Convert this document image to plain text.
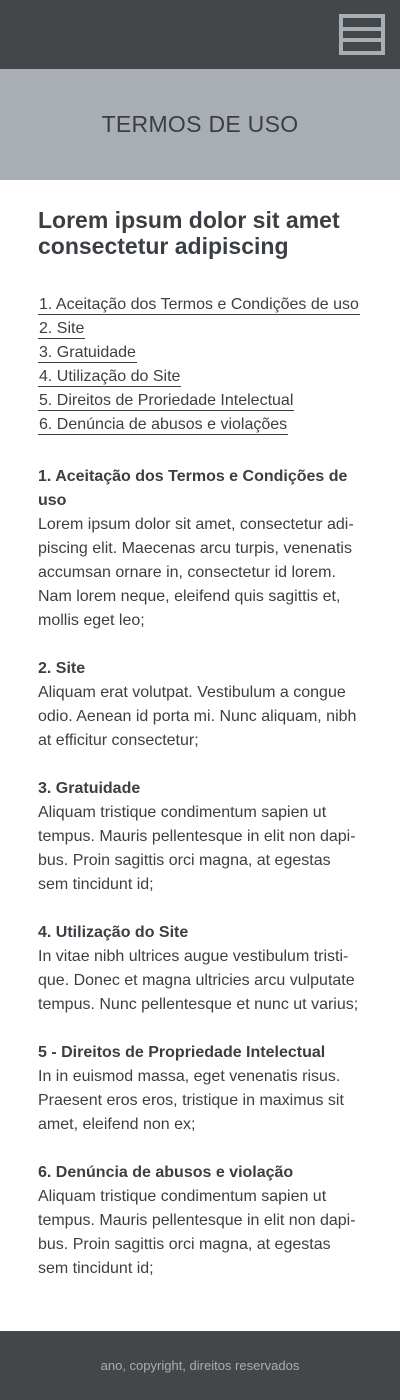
TERMOS DE USO
Lorem ipsum dolor sit amet consectetur adipiscing
1. Aceitação dos Termos e Condições de uso
2. Site
3. Gratuidade
4. Utilização do Site
5. Direitos de Proriedade Intelectual
6. Denúncia de abusos e violações
1. Aceitação dos Termos e Condições de uso

Lorem ipsum dolor sit amet, consectetur adi-
piscing elit. Maecenas arcu turpis, venenatis
accumsan ornare in, consectetur id lorem.
Nam lorem neque, eleifend quis sagittis et,
mollis eget leo;

2. Site

Aliquam erat volutpat. Vestibulum a congue
odio. Aenean id porta mi. Nunc aliquam, nibh
at efficitur consectetur;

3. Gratuidade

Aliquam tristique condimentum sapien ut
tempus. Mauris pellentesque in elit non dapi-
bus. Proin sagittis orci magna, at egestas
sem tincidunt id;

4. Utilização do Site

In vitae nibh ultrices augue vestibulum tristi-
que. Donec et magna ultricies arcu vulputate
tempus. Nunc pellentesque et nunc ut varius;

5 - Direitos de Propriedade Intelectual

In in euismod massa, eget venenatis risus.
Praesent eros eros, tristique in maximus sit
amet, eleifend non ex;

6. Denúncia de abusos e violação

Aliquam tristique condimentum sapien ut
tempus. Mauris pellentesque in elit non dapi-
bus. Proin sagittis orci magna, at egestas
sem tincidunt id;

ano, copyright, direitos reservados
